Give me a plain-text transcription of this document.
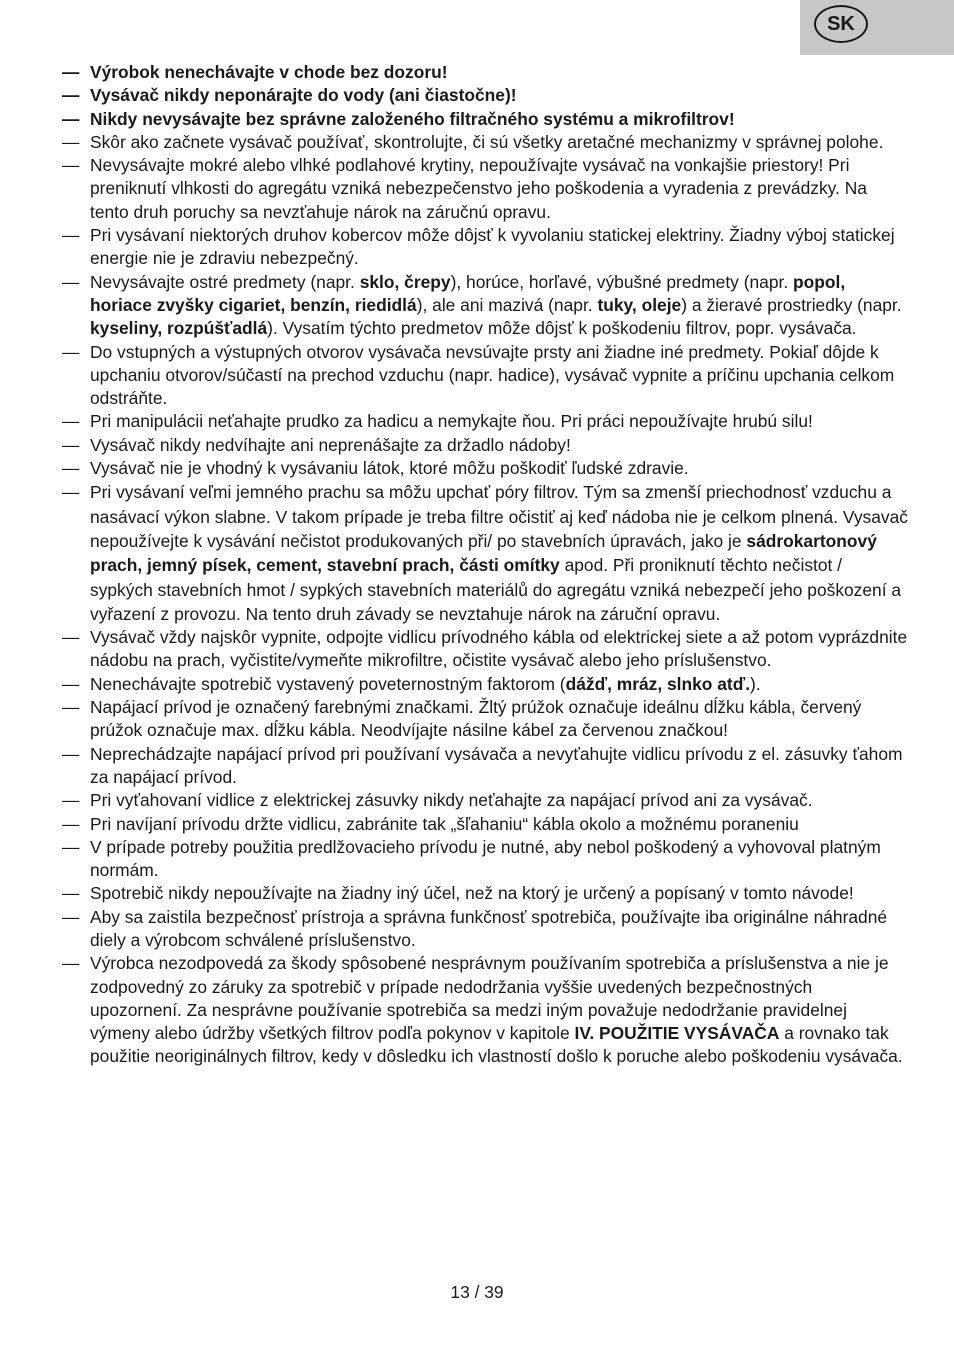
SK

— Výrobok nenechávajte v chode bez dozoru!

— Vysávač nikdy neponárajte do vody (ani čiastočne)!

— Nikdy nevysávajte bez správne založeného filtračného systému a mikrofiltrov!

— Skôr ako začnete vysávač používať, skontrolujte, či sú všetky aretačné mechanizmy v správnej polohe.

— Nevysávajte mokré alebo vlhké podlahové krytiny, nepoužívajte vysávač na vonkajšie priestory! Pri preniknutí vlhkosti do agregátu vzniká nebezpečenstvo jeho poškodenia a vyradenia z prevádzky. Na tento druh poruchy sa nevzťahuje nárok na záručnú opravu.

— Pri vysávaní niektorých druhov kobercov môže dôjsť k vyvolaniu statickej elektriny. Žiadny výboj statickej energie nie je zdraviu nebezpečný.

— Nevysávajte ostré predmety (napr. sklo, črepy), horúce, horľavé, výbušné predmety (napr. popol, horiace zvyšky cigariet, benzín, riedidlá), ale ani mazivá (napr. tuky, oleje) a žieravé prostriedky (napr. kyseliny, rozpúšťadlá). Vysatím týchto predmetov môže dôjsť k poškodeniu filtrov, popr. vysávača.

— Do vstupných a výstupných otvorov vysávača nevsúvajte prsty ani žiadne iné predmety. Pokiaľ dôjde k upchaniu otvorov/súčastí na prechod vzduchu (napr. hadice), vysávač vypnite a príčinu upchania celkom odstráňte.

— Pri manipulácii neťahajte prudko za hadicu a nemykajte ňou. Pri práci nepoužívajte hrubú silu!

— Vysávač nikdy nedvíhajte ani neprenášajte za držadlo nádoby!

— Vysávač nie je vhodný k vysávaniu látok, ktoré môžu poškodiť ľudské zdravie.

— Pri vysávaní veľmi jemného prachu sa môžu upchať póry filtrov. Tým sa zmenší priechodnosť vzduchu a nasávací výkon slabne. V takom prípade je treba filtre očistiť aj keď nádoba nie je celkom plnená. Vysavač nepoužívejte k vysávání nečistot produkovaných při/ po stavebních úpravách, jako je sádrokartonový prach, jemný písek, cement, stavební prach, části omítky apod. Při proniknutí těchto nečistot / sypkých stavebních hmot / sypkých stavebních materiálů do agregátu vzniká nebezpečí jeho poškození a vyřazení z provozu. Na tento druh závady se nevztahuje nárok na záruční opravu.

— Vysávač vždy najskôr vypnite, odpojte vidlicu prívodného kábla od elektrickej siete a až potom vyprázdnite nádobu na prach, vyčistite/vymeňte mikrofiltre, očistite vysávač alebo jeho príslušenstvo.

— Nenechávajte spotrebič vystavený poveternostným faktorom (dážď, mráz, slnko atď.).

— Napájací prívod je označený farebnými značkami. Žltý prúžok označuje ideálnu dĺžku kábla, červený prúžok označuje max. dĺžku kábla. Neodvíjajte násilne kábel za červenou značkou!

— Neprechádzajte napájací prívod pri používaní vysávača a nevyťahujte vidlicu prívodu z el. zásuvky ťahom za napájací prívod.

— Pri vyťahovaní vidlice z elektrickej zásuvky nikdy neťahajte za napájací prívod ani za vysávač.

— Pri navíjaní prívodu držte vidlicu, zabránite tak „šľahaniu“ kábla okolo a možnému poraneniu

— V prípade potreby použitia predlžovacieho prívodu je nutné, aby nebol poškodený a vyhovoval platným normám.

— Spotrebič nikdy nepoužívajte na žiadny iný účel, než na ktorý je určený a popísaný v tomto návode!

— Aby sa zaistila bezpečnosť prístroja a správna funkčnosť spotrebiča, používajte iba originálne náhradné diely a výrobcom schválené príslušenstvo.

— Výrobca nezodpovedá za škody spôsobené nesprávnym používaním spotrebiča a príslušenstva a nie je zodpovedný zo záruky za spotrebič v prípade nedodržania vyššie uvedených bezpečnostných upozornení. Za nesprávne používanie spotrebiča sa medzi iným považuje nedodržanie pravidelnej výmeny alebo údržby všetkých filtrov podľa pokynov v kapitole IV. POUŽITIE VYSÁVAČA a rovnako tak použitie neoriginálnych filtrov, kedy v dôsledku ich vlastností došlo k poruche alebo poškodeniu vysávača.

13 / 39
